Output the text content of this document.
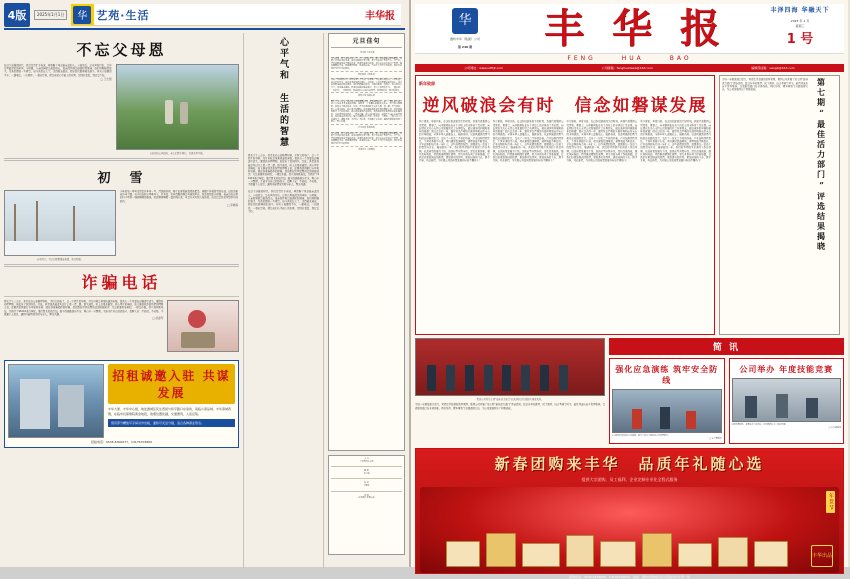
4版	2025年1月1日	华 艺苑·生活	丰华报
不忘父母恩
在这个浮躁的时代，我们常常忙于奔波，却忽略了身边最亲近的人。父母的爱，是无声的付出，是岁月里最深沉的牵挂。小时候，父亲的肩膀是最高的山，母亲的怀抱是最温暖的港湾。他们用粗糙的双手，为我们撑起一片晴空。如今我们长大了，走得越来越远，回家的次数却越来越少。其实父母要的不多，一通电话，一次陪伴，一桌家常菜，便是他们心中最大的欢喜。常回家看看，别让爱等待。
□ 王志国
在和谐的公园晨练，老人们携手同行，笑语欢声不断。
初　雪
初冬时节，雪后的原野银装素裹，格外静谧。
今年的第一场雪来得比往年早一些。清晨推开窗，整个世界都被温柔地覆盖。屋檐下挂着晶莹的冰凌，远处的树枝压弯了腰。孩子们在院子里堆雪人、打雪仗，笑声清脆得像是雪落的声音。我忽然想起小时候，母亲总在这样的日子里煮一锅热腾腾的姜汤，暖意顺着喉咙一直淌到心底。雪是冬天写给大地的信，而记忆是我们写给岁月的回音。
□ 李晓梅
诈骗电话
那天下午三点多，我正在办公室整理材料，手机突然响了，是一个陌生的号码。对方自称是某某快递的客服，说我有一个包裹在运输途中丢失，要给我办理理赔。他报出了我的姓名、住址，甚至连我最近买过什么都一清二楚，语气诚恳，听上去毫无破绽。我心里正犯嘀咕，他又催促我添加所谓的理赔专员，还要我提供银行卡号和验证码。就在我准备操作的时候，忽然想起社区民警讲过的防骗知识：凡是索要验证码的，一律是诈骗。我立刻挂断电话，并拨打了96110进行举报。事后想来仍然后怕，骗子的套路层出不穷，唯有多一分警惕，才能守住自己的钱袋子。提醒大家：不轻信、不转账、不泄露个人信息，遇到可疑情况及时与家人、警方沟通。
□ 赵建军

招租诚邀入驻 共谋发展
丰华大厦、丰华中心楼，地处潍城区民生西街与和平路口东南角，南临小商品城、丰华商城西侧，东临市妇保健院黄金地段，地理位置优越，交通便利，人流密集。
现有部分精装写字间对外出租，面积可灵活分割，适合各种商业形态。
招租电话：0536-8300977、13176703860
心平气和 生活的智慧
那天下午三点多，我正在办公室整理材料，手机突然响了，是一个陌生的号码。对方自称是某某快递的客服，说我有一个包裹在运输途中丢失，要给我办理理赔。他报出了我的姓名、住址，甚至连我最近买过什么都一清二楚，语气诚恳，听上去毫无破绽。我心里正犯嘀咕，他又催促我添加所谓的理赔专员，还要我提供银行卡号和验证码。就在我准备操作的时候，忽然想起社区民警讲过的防骗知识：凡是索要验证码的，一律是诈骗。我立刻挂断电话，并拨打了96110进行举报。事后想来仍然后怕，骗子的套路层出不穷，唯有多一分警惕，才能守住自己的钱袋子。提醒大家：不轻信、不转账、不泄露个人信息，遇到可疑情况及时与家人、警方沟通。
在这个浮躁的时代，我们常常忙于奔波，却忽略了身边最亲近的人。父母的爱，是无声的付出，是岁月里最深沉的牵挂。小时候，父亲的肩膀是最高的山，母亲的怀抱是最温暖的港湾。他们用粗糙的双手，为我们撑起一片晴空。如今我们长大了，走得越来越远，回家的次数却越来越少。其实父母要的不多，一通电话，一次陪伴，一桌家常菜，便是他们心中最大的欢喜。常回家看看，别让爱等待。
元旦佳句
一元复始 万象更新
今年的第一场雪来得比往年早一些。清晨推开窗，整个世界都被温柔地覆盖。屋檐下挂着晶莹的冰凌，远处的树枝压弯了腰。孩子们在院子里堆雪人、打雪仗，笑声清脆得像是雪落的声音。我忽然想起小时候，母亲总在这样的日子里煮一锅热腾腾的姜汤，暖意顺着喉咙一直淌到心底。雪是冬天写给大地的信，而记忆是我们写给岁月的回音。
辞旧迎新 共贺新禧
在这个浮躁的时代，我们常常忙于奔波，却忽略了身边最亲近的人。父母的爱，是无声的付出，是岁月里最深沉的牵挂。小时候，父亲的肩膀是最高的山，母亲的怀抱是最温暖的港湾。他们用粗糙的双手，为我们撑起一片晴空。如今我们长大了，走得越来越远，回家的次数却越来越少。其实父母要的不多，一通电话，一次陪伴，一桌家常菜，便是他们心中最大的欢喜。常回家看看，别让爱等待。
春回大地 福满人间
那天下午三点多，我正在办公室整理材料，手机突然响了，是一个陌生的号码。对方自称是某某快递的客服，说我有一个包裹在运输途中丢失，要给我办理理赔。他报出了我的姓名、住址，甚至连我最近买过什么都一清二楚，语气诚恳，听上去毫无破绽。我心里正犯嘀咕，他又催促我添加所谓的理赔专员，还要我提供银行卡号和验证码。就在我准备操作的时候，忽然想起社区民警讲过的防骗知识：凡是索要验证码的，一律是诈骗。我立刻挂断电话，并拨打了96110进行举报。事后想来仍然后怕，骗子的套路层出不穷，唯有多一分警惕，才能守住自己的钱袋子。提醒大家：不轻信、不转账、不泄露个人信息，遇到可疑情况及时与家人、警方沟通。
岁月如歌 前程似锦
今年的第一场雪来得比往年早一些。清晨推开窗，整个世界都被温柔地覆盖。屋檐下挂着晶莹的冰凌，远处的树枝压弯了腰。孩子们在院子里堆雪人、打雪仗，笑声清脆得像是雪落的声音。我忽然想起小时候，母亲总在这样的日子里煮一锅热腾腾的姜汤，暖意顺着喉咙一直淌到心底。雪是冬天写给大地的信，而记忆是我们写给岁月的回音。
风雨同舟 共创辉煌
主 办
丰华集团办公室
编 辑
刘志强
校 对
王晓东
印 刷
内部资料 免费交流
华
潍坊丰华（集团）公司
第 248 期	丰 华 报	丰泽四海 华融天下
2025 年 1 月
星期三
1 号
FENG	HUA	BAO
公司网址：www.sdfhjt.com	公司邮箱：fenghuadesw@163.com	编辑部信箱：swsgb@163.com
新年致辞
逆风破浪会有时　信念如磐谋发展
岁序更新，华章日新。在这辞旧迎新的美好时刻，我谨代表集团公司党委、董事会，向辛勤耕耘在各个岗位上的全体员工及家属，向长期以来关心支持公司发展的社会各界朋友，致以诚挚的问候和新年的祝福！回首过去的一年，面对复杂严峻的外部环境和前所未有的市场挑战，全体丰华人迎难而上、砥砺奋进，以逆风破浪的勇气和信念如磐的定力，交出了一份来之不易的答卷。产业结构持续优化，主营业务稳中有进，项目建设提速增效，管理效能不断提升，企业品牌影响力进一步扩大。这些成绩的取得，凝聚着每一位员工的智慧与汗水。展望新的一年，我们将坚持稳中求进的工作总基调，以高质量发展为主线，加快转型升级步伐，深化改革创新，强化风险防控，持续推进精细化管理，努力开创各项工作新局面。让我们以更加饱满的热情、更加务实的作风、更加昂扬的斗志，携手并肩，共赴新程，为实现公司高质量发展目标而不懈奋斗！
岁序更新，华章日新。在这辞旧迎新的美好时刻，我谨代表集团公司党委、董事会，向辛勤耕耘在各个岗位上的全体员工及家属，向长期以来关心支持公司发展的社会各界朋友，致以诚挚的问候和新年的祝福！回首过去的一年，面对复杂严峻的外部环境和前所未有的市场挑战，全体丰华人迎难而上、砥砺奋进，以逆风破浪的勇气和信念如磐的定力，交出了一份来之不易的答卷。产业结构持续优化，主营业务稳中有进，项目建设提速增效，管理效能不断提升，企业品牌影响力进一步扩大。这些成绩的取得，凝聚着每一位员工的智慧与汗水。展望新的一年，我们将坚持稳中求进的工作总基调，以高质量发展为主线，加快转型升级步伐，深化改革创新，强化风险防控，持续推进精细化管理，努力开创各项工作新局面。让我们以更加饱满的热情、更加务实的作风、更加昂扬的斗志，携手并肩，共赴新程，为实现公司高质量发展目标而不懈奋斗！
岁序更新，华章日新。在这辞旧迎新的美好时刻，我谨代表集团公司党委、董事会，向辛勤耕耘在各个岗位上的全体员工及家属，向长期以来关心支持公司发展的社会各界朋友，致以诚挚的问候和新年的祝福！回首过去的一年，面对复杂严峻的外部环境和前所未有的市场挑战，全体丰华人迎难而上、砥砺奋进，以逆风破浪的勇气和信念如磐的定力，交出了一份来之不易的答卷。产业结构持续优化，主营业务稳中有进，项目建设提速增效，管理效能不断提升，企业品牌影响力进一步扩大。这些成绩的取得，凝聚着每一位员工的智慧与汗水。展望新的一年，我们将坚持稳中求进的工作总基调，以高质量发展为主线，加快转型升级步伐，深化改革创新，强化风险防控，持续推进精细化管理，努力开创各项工作新局面。让我们以更加饱满的热情、更加务实的作风、更加昂扬的斗志，携手并肩，共赴新程，为实现公司高质量发展目标而不懈奋斗！
岁序更新，华章日新。在这辞旧迎新的美好时刻，我谨代表集团公司党委、董事会，向辛勤耕耘在各个岗位上的全体员工及家属，向长期以来关心支持公司发展的社会各界朋友，致以诚挚的问候和新年的祝福！回首过去的一年，面对复杂严峻的外部环境和前所未有的市场挑战，全体丰华人迎难而上、砥砺奋进，以逆风破浪的勇气和信念如磐的定力，交出了一份来之不易的答卷。产业结构持续优化，主营业务稳中有进，项目建设提速增效，管理效能不断提升，企业品牌影响力进一步扩大。这些成绩的取得，凝聚着每一位员工的智慧与汗水。展望新的一年，我们将坚持稳中求进的工作总基调，以高质量发展为主线，加快转型升级步伐，深化改革创新，强化风险防控，持续推进精细化管理，努力开创各项工作新局面。让我们以更加饱满的热情、更加务实的作风、更加昂扬的斗志，携手并肩，共赴新程，为实现公司高质量发展目标而不懈奋斗！
为进一步激发部门活力，营造比学赶超的浓厚氛围，集团公司开展了第七期“最佳活力部门”评选活动。经过各单位推荐、民主测评、综合考核等环节，最终评选出若干优秀集体。受表彰的部门在业务创新、团队协作、降本增效等方面表现突出，为公司发展作出了积极贡献。	第七期“最佳活力部门”评选结果揭晓
集团公司对第七期“最佳活力部门”获奖团队进行表彰并颁发奖牌。
为进一步激发部门活力，营造比学赶超的浓厚氛围，集团公司开展了第七期“最佳活力部门”评选活动。经过各单位推荐、民主测评、综合考核等环节，最终评选出若干优秀集体。受表彰的部门在业务创新、团队协作、降本增效等方面表现突出，为公司发展作出了积极贡献。
简 讯
强化应急演练 筑牢安全防线
公司组织开展消防应急演练，提升全员安全意识和应急处置能力。
□ 安全管理部
公司举办 年度技能竞赛
技能竞赛现场，参赛选手全神贯注，展示精湛技艺与良好风貌。
□ 人力资源部
新春团购来丰华　品质年礼随心选
提供大宗团购、员工福利、企业定制专业化全程式服务
年货节
丰华出品
团购热线：0536-8228666　13105072602　地址：潍坊市潍城区民生西街丰华大厦一楼
